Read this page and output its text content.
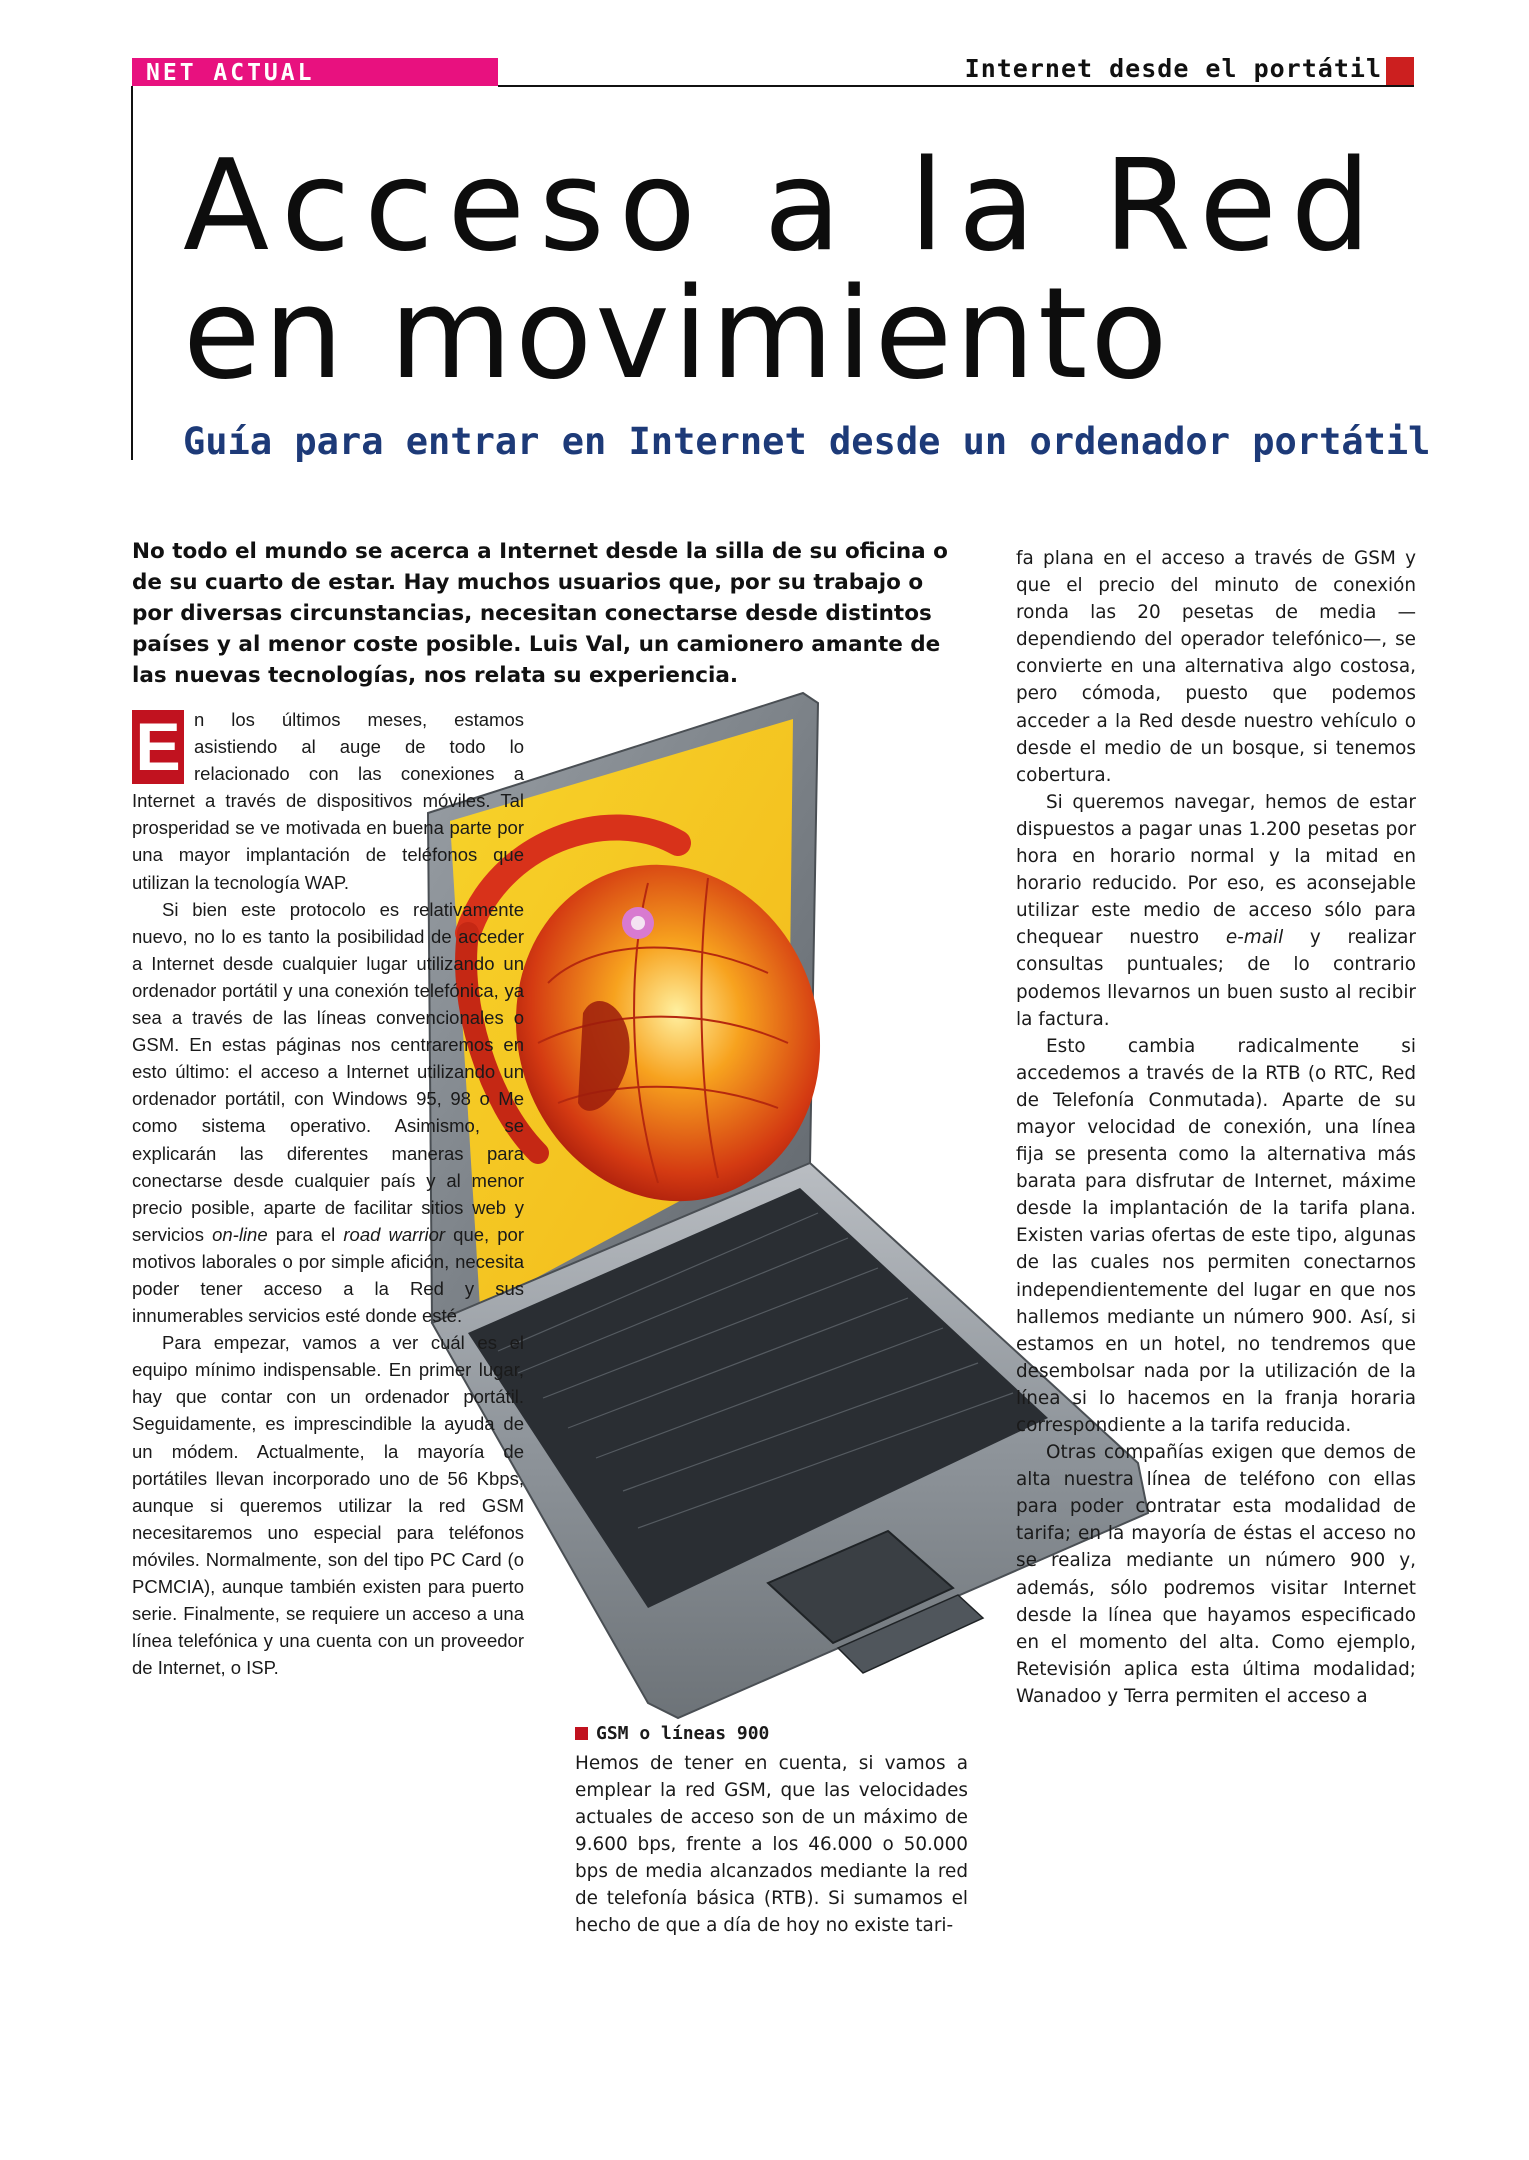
NET ACTUAL	Internet desde el portátil
Acceso a la Red
en movimiento
Guía para entrar en Internet desde un ordenador portátil

No todo el mundo se acerca a Internet desde la silla de su oficina o de su cuarto de estar. Hay muchos usuarios que, por su trabajo o por diversas circunstancias, necesitan conectarse desde distintos países y al menor coste posible. Luis Val, un camionero amante de las nuevas tecnologías, nos relata su experiencia.

E n los últimos meses, estamos asistiendo al auge de todo lo relacionado con las conexiones a Internet a través de dispositivos móviles. Tal prosperidad se ve motivada en buena parte por una mayor implantación de teléfonos que utilizan la tecnología WAP.

Si bien este protocolo es relativamente nuevo, no lo es tanto la posibilidad de acceder a Internet desde cualquier lugar utilizando un ordenador portátil y una conexión telefónica, ya sea a través de las líneas convencionales o GSM. En estas páginas nos centraremos en esto último: el acceso a Internet utilizando un ordenador portátil, con Windows 95, 98 o Me como sistema operativo. Asimismo, se explicarán las diferentes maneras para conectarse desde cualquier país y al menor precio posible, aparte de facilitar sitios web y servicios on-line para el road warrior que, por motivos laborales o por simple afición, necesita poder tener acceso a la Red y sus innumerables servicios esté donde esté.

Para empezar, vamos a ver cuál es el equipo mínimo indispensable. En primer lugar, hay que contar con un ordenador portátil. Seguidamente, es imprescindible la ayuda de un módem. Actualmente, la mayoría de portátiles llevan incorporado uno de 56 Kbps, aunque si queremos utilizar la red GSM necesitaremos uno especial para teléfonos móviles. Normalmente, son del tipo PC Card (o PCMCIA), aunque también existen para puerto serie. Finalmente, se requiere un acceso a una línea telefónica y una cuenta con un proveedor de Internet, o ISP.

GSM o líneas 900

Hemos de tener en cuenta, si vamos a emplear la red GSM, que las velocidades actuales de acceso son de un máximo de 9.600 bps, frente a los 46.000 o 50.000 bps de media alcanzados mediante la red de telefonía básica (RTB). Si sumamos el hecho de que a día de hoy no existe tari-

fa plana en el acceso a través de GSM y que el precio del minuto de conexión ronda las 20 pesetas de media —dependiendo del operador telefónico—, se convierte en una alternativa algo costosa, pero cómoda, puesto que podemos acceder a la Red desde nuestro vehículo o desde el medio de un bosque, si tenemos cobertura.

Si queremos navegar, hemos de estar dispuestos a pagar unas 1.200 pesetas por hora en horario normal y la mitad en horario reducido. Por eso, es aconsejable utilizar este medio de acceso sólo para chequear nuestro e-mail y realizar consultas puntuales; de lo contrario podemos llevarnos un buen susto al recibir la factura.

Esto cambia radicalmente si accedemos a través de la RTB (o RTC, Red de Telefonía Conmutada). Aparte de su mayor velocidad de conexión, una línea fija se presenta como la alternativa más barata para disfrutar de Internet, máxime desde la implantación de la tarifa plana. Existen varias ofertas de este tipo, algunas de las cuales nos permiten conectarnos independientemente del lugar en que nos hallemos mediante un número 900. Así, si estamos en un hotel, no tendremos que desembolsar nada por la utilización de la línea si lo hacemos en la franja horaria correspondiente a la tarifa reducida.

Otras compañías exigen que demos de alta nuestra línea de teléfono con ellas para poder contratar esta modalidad de tarifa; en la mayoría de éstas el acceso no se realiza mediante un número 900 y, además, sólo podremos visitar Internet desde la línea que hayamos especificado en el momento del alta. Como ejemplo, Retevisión aplica esta última modalidad; Wanadoo y Terra permiten el acceso a
